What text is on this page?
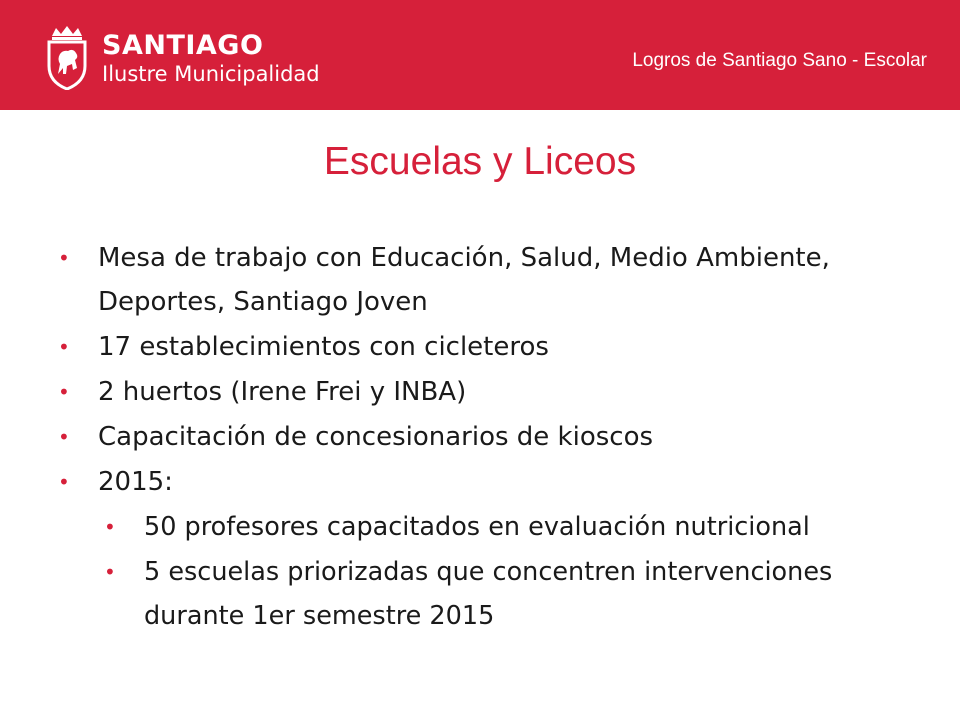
SANTIAGO
Ilustre Municipalidad
Logros de Santiago Sano - Escolar
Escuelas y Liceos
• Mesa de trabajo con Educación, Salud, Medio Ambiente, Deportes, Santiago Joven
• 17 establecimientos con cicleteros
• 2 huertos (Irene Frei y INBA)
• Capacitación de concesionarios de kioscos
• 2015:
• 50 profesores capacitados en evaluación nutricional
• 5 escuelas priorizadas que concentren intervenciones durante 1er semestre 2015
